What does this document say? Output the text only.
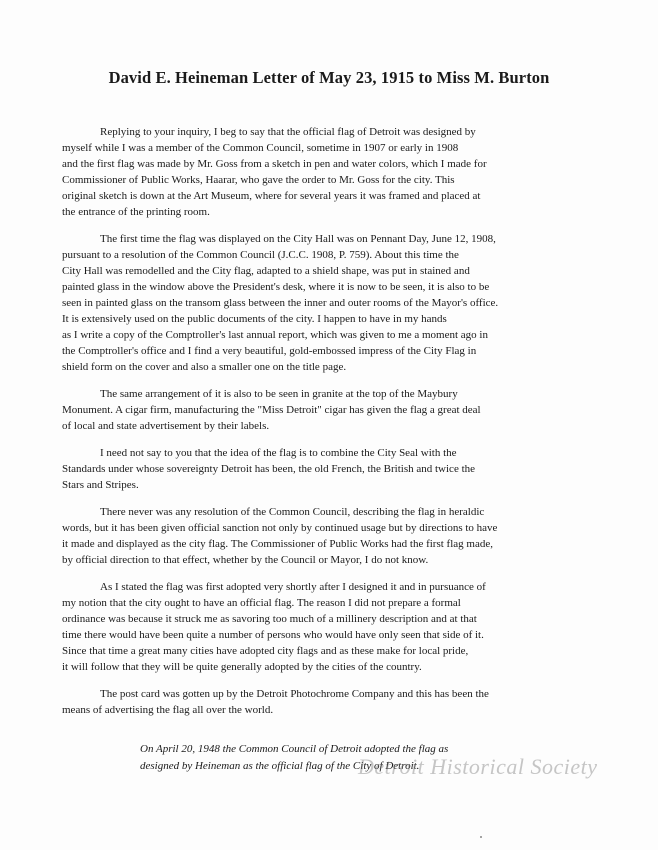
David E. Heineman Letter of May 23, 1915 to Miss M. Burton

Replying to your inquiry, I beg to say that the official flag of Detroit was designed by
myself while I was a member of the Common Council, sometime in 1907 or early in 1908
and the first flag was made by Mr. Goss from a sketch in pen and water colors, which I made for
Commissioner of Public Works, Haarar, who gave the order to Mr. Goss for the city. This
original sketch is down at the Art Museum, where for several years it was framed and placed at
the entrance of the printing room.

The first time the flag was displayed on the City Hall was on Pennant Day, June 12, 1908,
pursuant to a resolution of the Common Council (J.C.C. 1908, P. 759). About this time the
City Hall was remodelled and the City flag, adapted to a shield shape, was put in stained and
painted glass in the window above the President's desk, where it is now to be seen, it is also to be
seen in painted glass on the transom glass between the inner and outer rooms of the Mayor's office.
It is extensively used on the public documents of the city. I happen to have in my hands
as I write a copy of the Comptroller's last annual report, which was given to me a moment ago in
the Comptroller's office and I find a very beautiful, gold-embossed impress of the City Flag in
shield form on the cover and also a smaller one on the title page.

The same arrangement of it is also to be seen in granite at the top of the Maybury
Monument. A cigar firm, manufacturing the "Miss Detroit" cigar has given the flag a great deal
of local and state advertisement by their labels.

I need not say to you that the idea of the flag is to combine the City Seal with the
Standards under whose sovereignty Detroit has been, the old French, the British and twice the
Stars and Stripes.

There never was any resolution of the Common Council, describing the flag in heraldic
words, but it has been given official sanction not only by continued usage but by directions to have
it made and displayed as the city flag. The Commissioner of Public Works had the first flag made,
by official direction to that effect, whether by the Council or Mayor, I do not know.

As I stated the flag was first adopted very shortly after I designed it and in pursuance of
my notion that the city ought to have an official flag. The reason I did not prepare a formal
ordinance was because it struck me as savoring too much of a millinery description and at that
time there would have been quite a number of persons who would have only seen that side of it.
Since that time a great many cities have adopted city flags and as these make for local pride,
it will follow that they will be quite generally adopted by the cities of the country.

The post card was gotten up by the Detroit Photochrome Company and this has been the
means of advertising the flag all over the world.

On April 20, 1948 the Common Council of Detroit adopted the flag as
designed by Heineman as the official flag of the City of Detroit.
Detroit Historical Society
